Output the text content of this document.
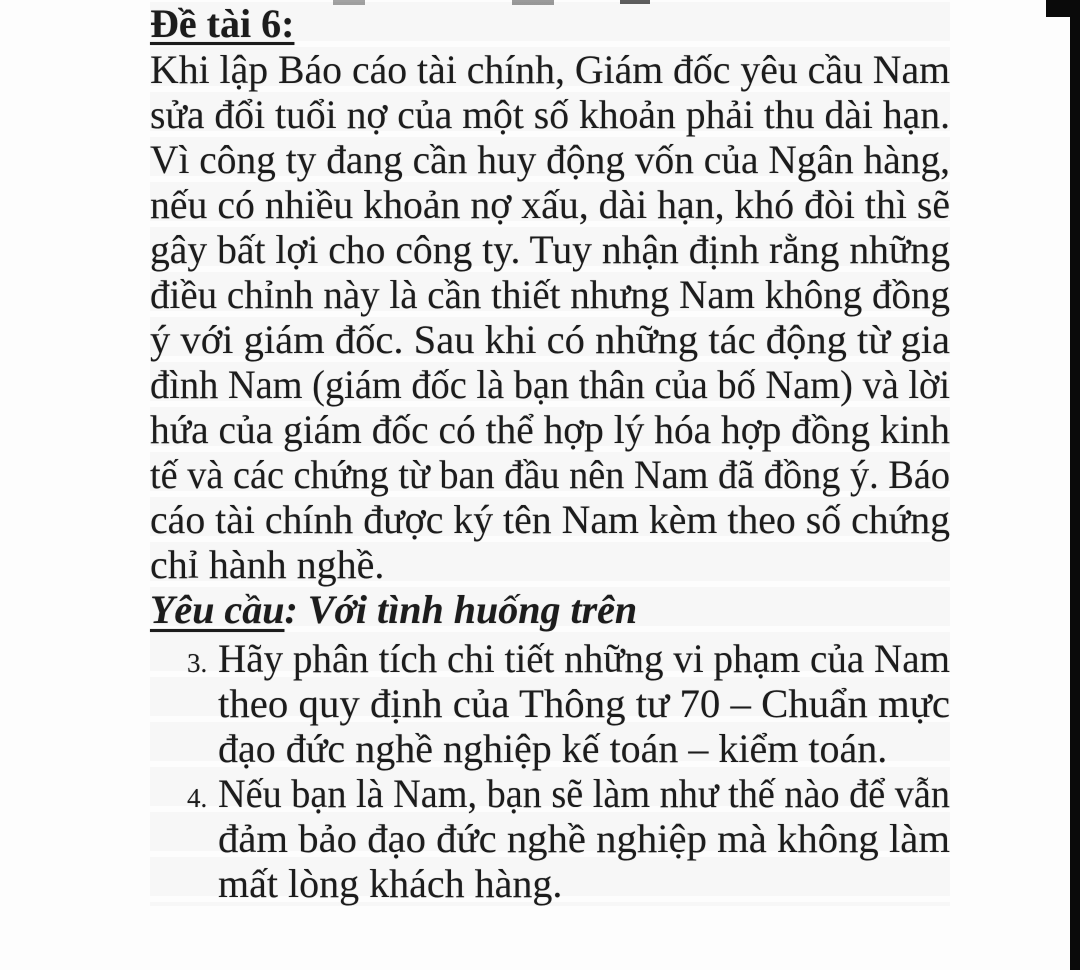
Đề tài 6:
Khi lập Báo cáo tài chính, Giám đốc yêu cầu Nam
sửa đổi tuổi nợ của một số khoản phải thu dài hạn.
Vì công ty đang cần huy động vốn của Ngân hàng,
nếu có nhiều khoản nợ xấu, dài hạn, khó đòi thì sẽ
gây bất lợi cho công ty. Tuy nhận định rằng những
điều chỉnh này là cần thiết nhưng Nam không đồng
ý với giám đốc. Sau khi có những tác động từ gia
đình Nam (giám đốc là bạn thân của bố Nam) và lời
hứa của giám đốc có thể hợp lý hóa hợp đồng kinh
tế và các chứng từ ban đầu nên Nam đã đồng ý. Báo
cáo tài chính được ký tên Nam kèm theo số chứng
chỉ hành nghề.
Yêu cầu: Với tình huống trên
3. Hãy phân tích chi tiết những vi phạm của Nam
theo quy định của Thông tư 70 – Chuẩn mực
đạo đức nghề nghiệp kế toán – kiểm toán.
4. Nếu bạn là Nam, bạn sẽ làm như thế nào để vẫn
đảm bảo đạo đức nghề nghiệp mà không làm
mất lòng khách hàng.
